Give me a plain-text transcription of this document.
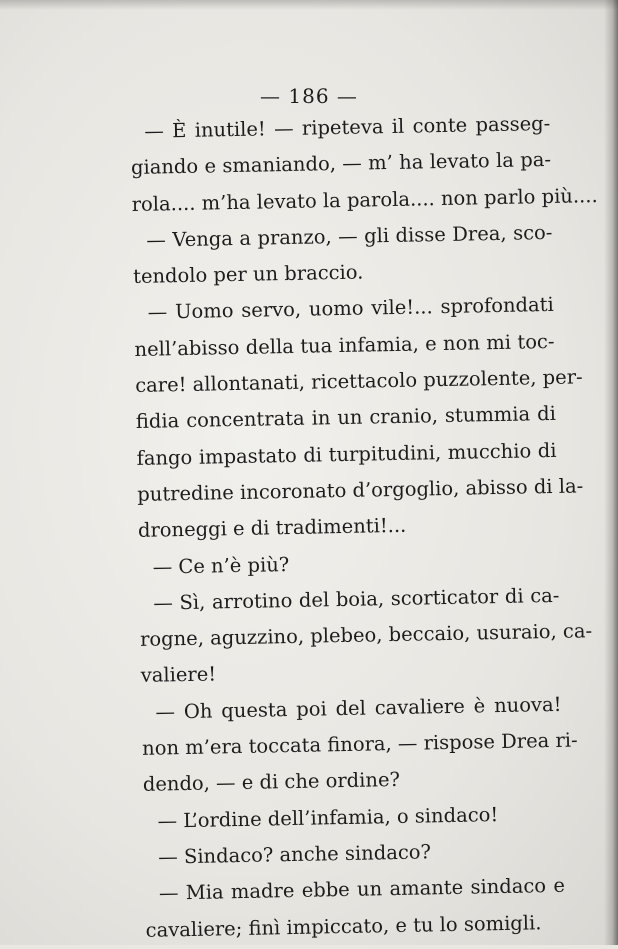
— 186 —
— È inutile! — ripeteva il conte passeg-
giando e smaniando, — m’ ha levato la pa-
rola.... m’ha levato la parola.... non parlo più....
— Venga a pranzo, — gli disse Drea, sco-
tendolo per un braccio.
— Uomo servo, uomo vile!... sprofondati
nell’abisso della tua infamia, e non mi toc-
care! allontanati, ricettacolo puzzolente, per-
fidia concentrata in un cranio, stummia di
fango impastato di turpitudini, mucchio di
putredine incoronato d’orgoglio, abisso di la-
droneggi e di tradimenti!...
— Ce n’è più?
— Sì, arrotino del boia, scorticator di ca-
rogne, aguzzino, plebeo, beccaio, usuraio, ca-
valiere!
— Oh questa poi del cavaliere è nuova!
non m’era toccata finora, — rispose Drea ri-
dendo, — e di che ordine?
— L’ordine dell’infamia, o sindaco!
— Sindaco? anche sindaco?
— Mia madre ebbe un amante sindaco e
cavaliere; finì impiccato, e tu lo somigli.
